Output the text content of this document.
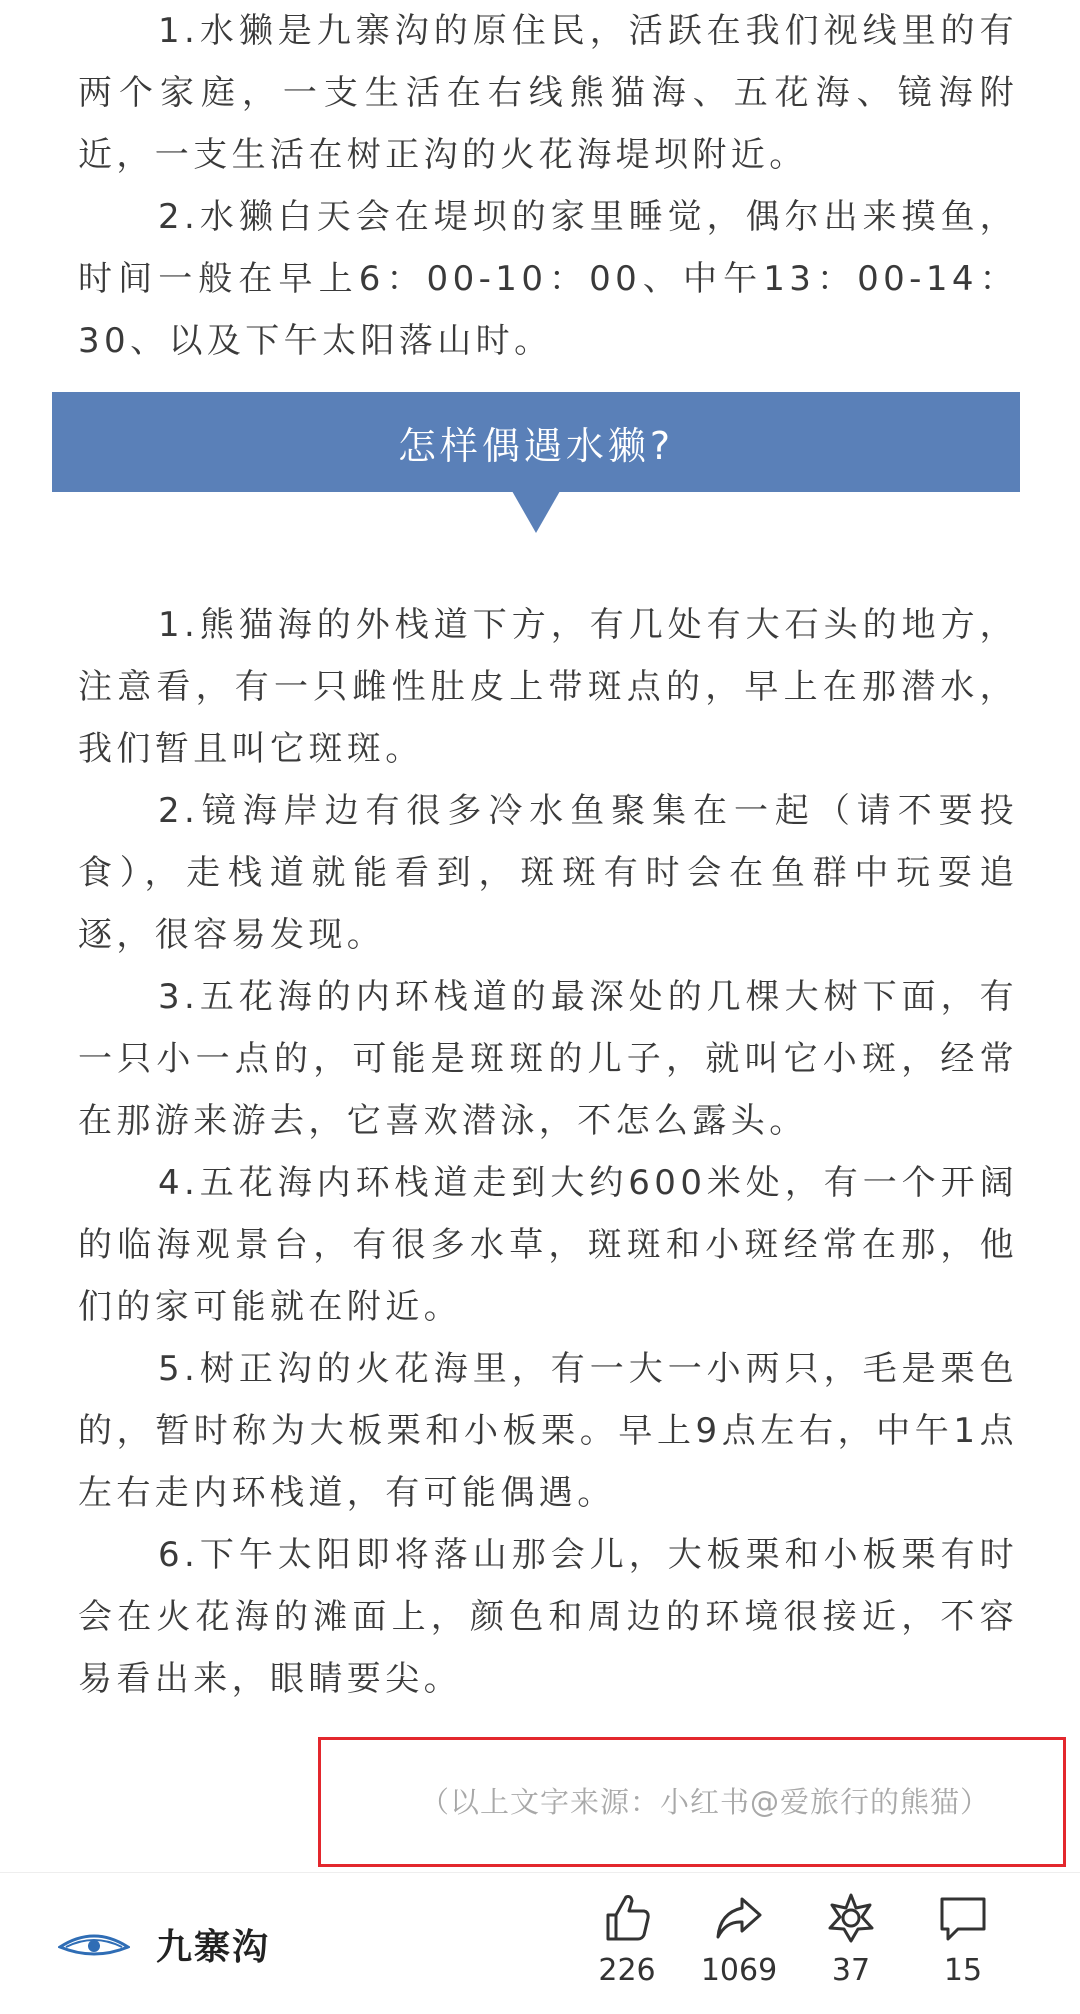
1.水獭是九寨沟的原住民，活跃在我们视线里的有两个家庭，一支生活在右线熊猫海、五花海、镜海附近，一支生活在树正沟的火花海堤坝附近。

2.水獭白天会在堤坝的家里睡觉，偶尔出来摸鱼，时间一般在早上6：00-10：00、中午13：00-14：30、以及下午太阳落山时。

怎样偶遇水獭?

1.熊猫海的外栈道下方，有几处有大石头的地方，注意看，有一只雌性肚皮上带斑点的，早上在那潜水，我们暂且叫它斑斑。

2.镜海岸边有很多冷水鱼聚集在一起（请不要投食），走栈道就能看到，斑斑有时会在鱼群中玩耍追逐，很容易发现。

3.五花海的内环栈道的最深处的几棵大树下面，有一只小一点的，可能是斑斑的儿子，就叫它小斑，经常在那游来游去，它喜欢潜泳，不怎么露头。

4.五花海内环栈道走到大约600米处，有一个开阔的临海观景台，有很多水草，斑斑和小斑经常在那，他们的家可能就在附近。

5.树正沟的火花海里，有一大一小两只，毛是栗色的，暂时称为大板栗和小板栗。早上9点左右，中午1点左右走内环栈道，有可能偶遇。

6.下午太阳即将落山那会儿，大板栗和小板栗有时会在火花海的滩面上，颜色和周边的环境很接近，不容易看出来，眼睛要尖。

（以上文字来源：小红书@爱旅行的熊猫）
九寨沟
226	1069	37	15
